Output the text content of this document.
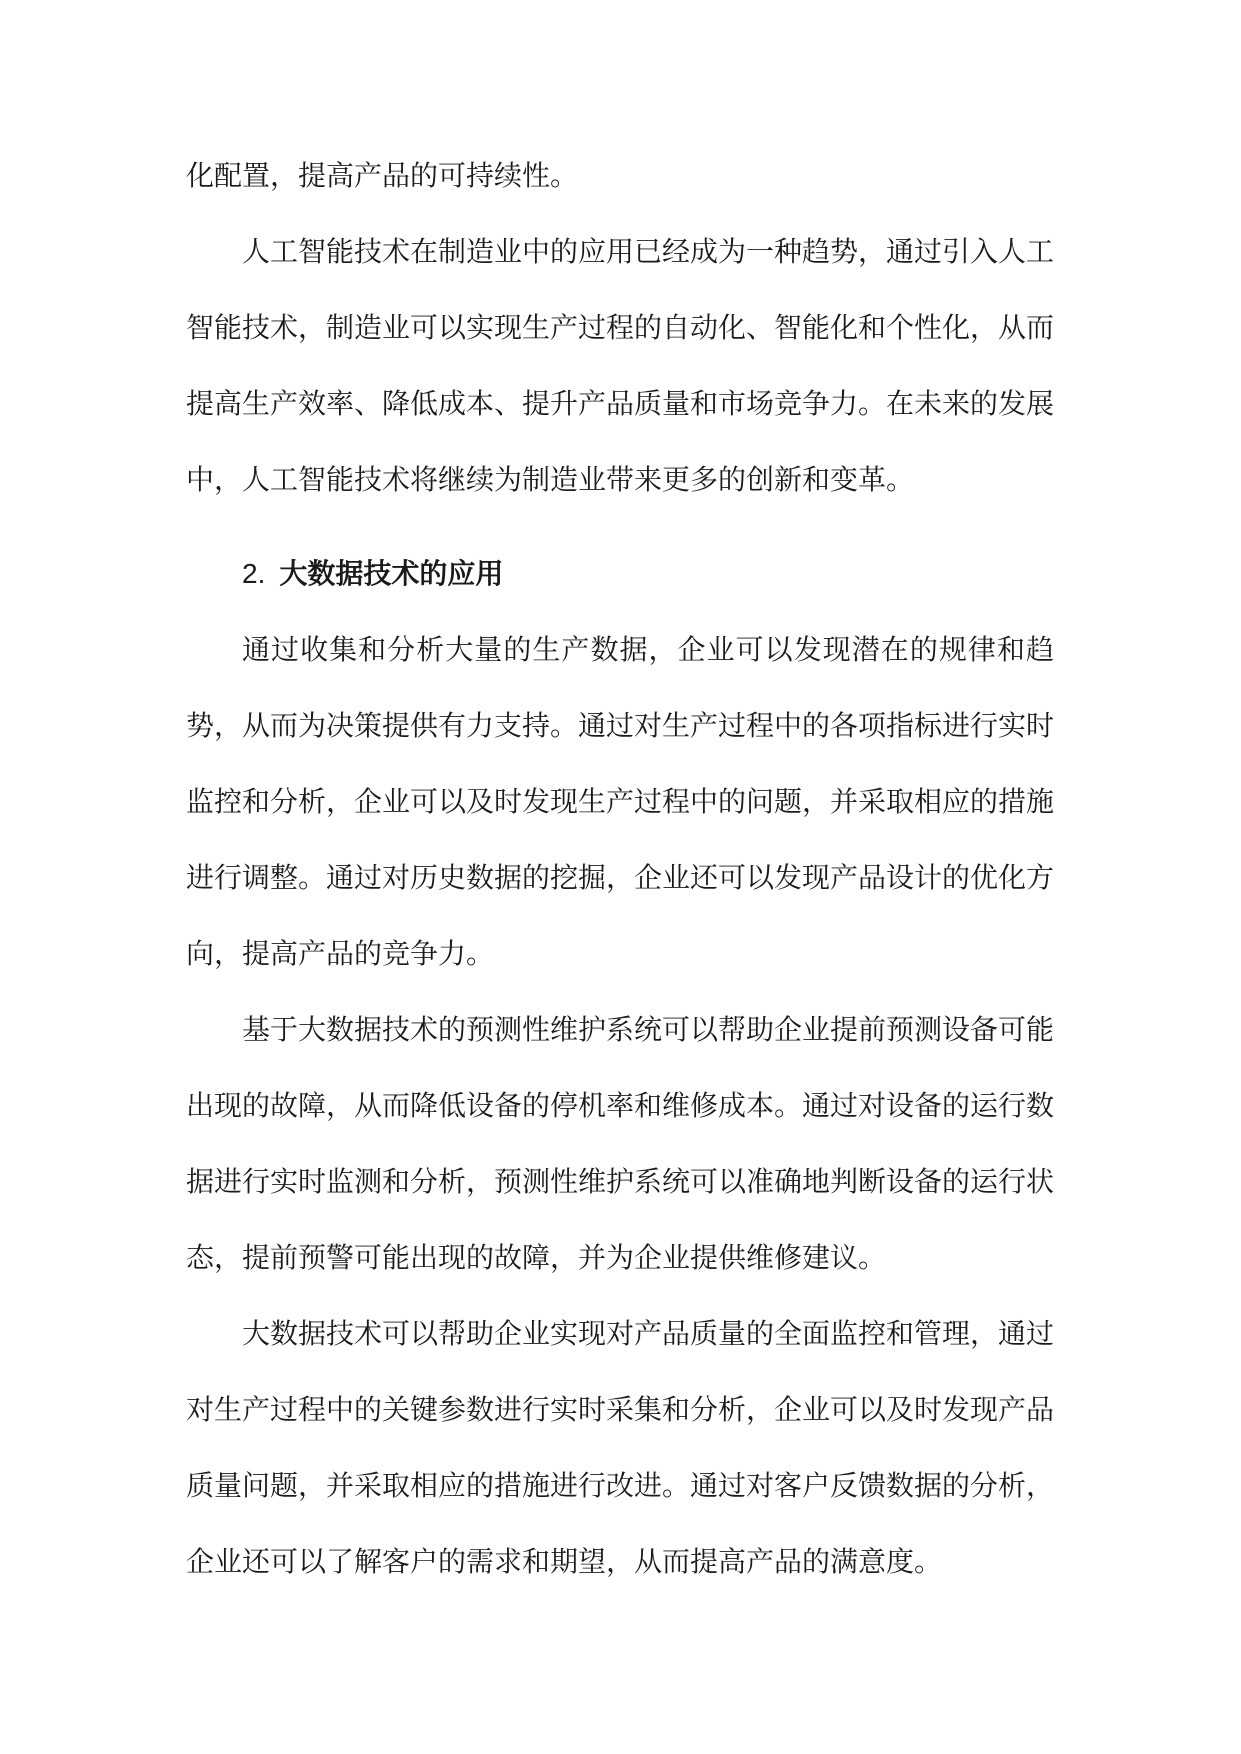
化配置，提高产品的可持续性。

人工智能技术在制造业中的应用已经成为一种趋势，通过引入人工智能技术，制造业可以实现生产过程的自动化、智能化和个性化，从而提高生产效率、降低成本、提升产品质量和市场竞争力。在未来的发展中，人工智能技术将继续为制造业带来更多的创新和变革。

2. 大数据技术的应用

通过收集和分析大量的生产数据，企业可以发现潜在的规律和趋势，从而为决策提供有力支持。通过对生产过程中的各项指标进行实时监控和分析，企业可以及时发现生产过程中的问题，并采取相应的措施进行调整。通过对历史数据的挖掘，企业还可以发现产品设计的优化方向，提高产品的竞争力。

基于大数据技术的预测性维护系统可以帮助企业提前预测设备可能出现的故障，从而降低设备的停机率和维修成本。通过对设备的运行数据进行实时监测和分析，预测性维护系统可以准确地判断设备的运行状态，提前预警可能出现的故障，并为企业提供维修建议。

大数据技术可以帮助企业实现对产品质量的全面监控和管理，通过对生产过程中的关键参数进行实时采集和分析，企业可以及时发现产品质量问题，并采取相应的措施进行改进。通过对客户反馈数据的分析，企业还可以了解客户的需求和期望，从而提高产品的满意度。
